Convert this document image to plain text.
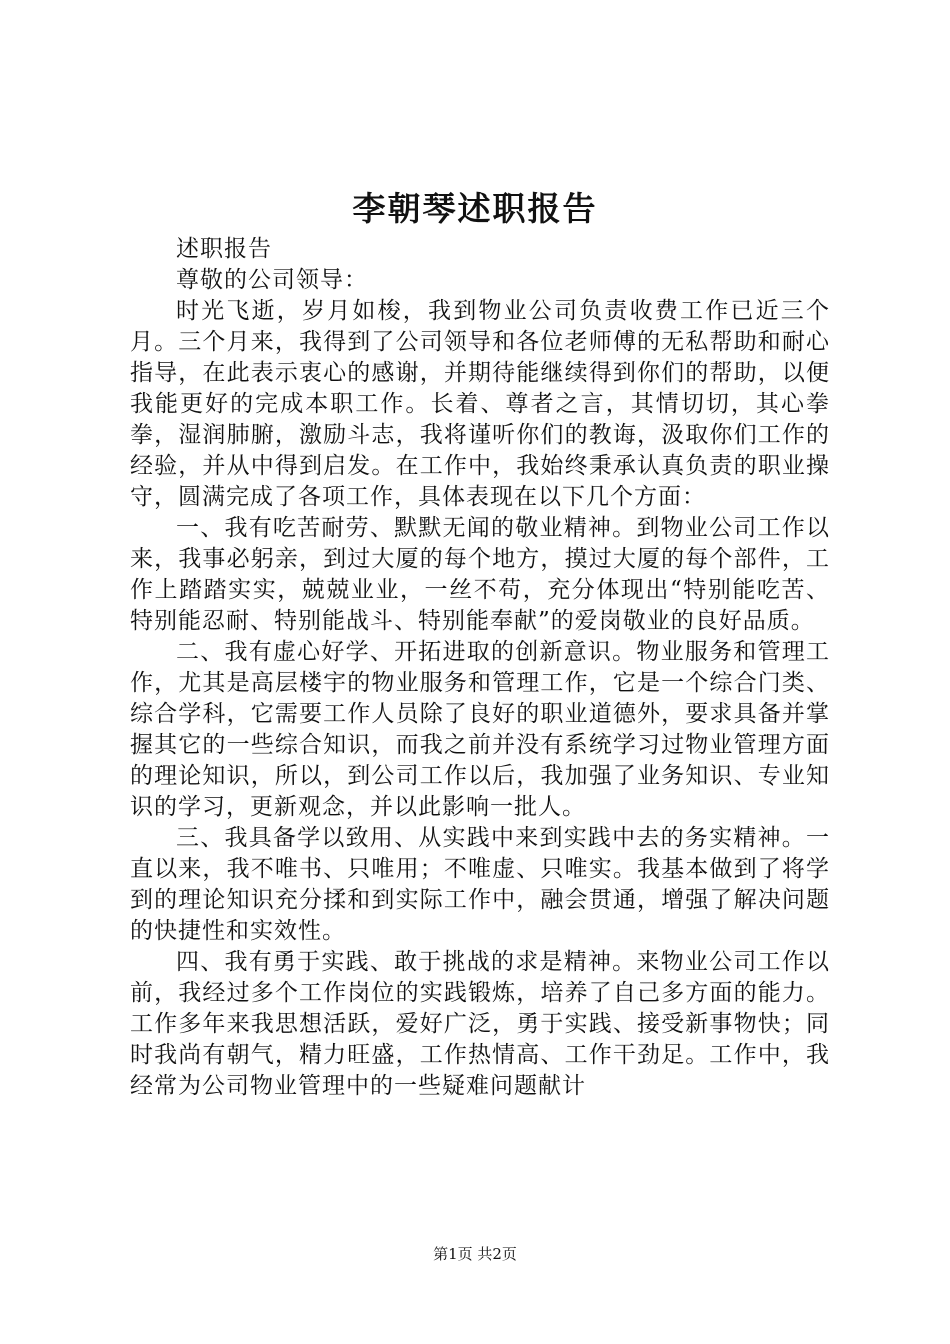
李朝琴述职报告

述职报告

尊敬的公司领导：

时光飞逝，岁月如梭，我到物业公司负责收费工作已近三个月。三个月来，我得到了公司领导和各位老师傅的无私帮助和耐心指导，在此表示衷心的感谢，并期待能继续得到你们的帮助，以便我能更好的完成本职工作。长着、尊者之言，其情切切，其心拳拳，湿润肺腑，激励斗志，我将谨听你们的教诲，汲取你们工作的经验，并从中得到启发。在工作中，我始终秉承认真负责的职业操守，圆满完成了各项工作，具体表现在以下几个方面：

一、我有吃苦耐劳、默默无闻的敬业精神。到物业公司工作以来，我事必躬亲，到过大厦的每个地方，摸过大厦的每个部件，工作上踏踏实实，兢兢业业，一丝不苟，充分体现出“特别能吃苦、特别能忍耐、特别能战斗、特别能奉献”的爱岗敬业的良好品质。

二、我有虚心好学、开拓进取的创新意识。物业服务和管理工作，尤其是高层楼宇的物业服务和管理工作，它是一个综合门类、综合学科，它需要工作人员除了良好的职业道德外，要求具备并掌握其它的一些综合知识，而我之前并没有系统学习过物业管理方面的理论知识，所以，到公司工作以后，我加强了业务知识、专业知识的学习，更新观念，并以此影响一批人。

三、我具备学以致用、从实践中来到实践中去的务实精神。一直以来，我不唯书、只唯用；不唯虚、只唯实。我基本做到了将学到的理论知识充分揉和到实际工作中，融会贯通，增强了解决问题的快捷性和实效性。

四、我有勇于实践、敢于挑战的求是精神。来物业公司工作以前，我经过多个工作岗位的实践锻炼，培养了自己多方面的能力。工作多年来我思想活跃，爱好广泛，勇于实践、接受新事物快；同时我尚有朝气，精力旺盛，工作热情高、工作干劲足。工作中，我经常为公司物业管理中的一些疑难问题献计

第1页 共2页
